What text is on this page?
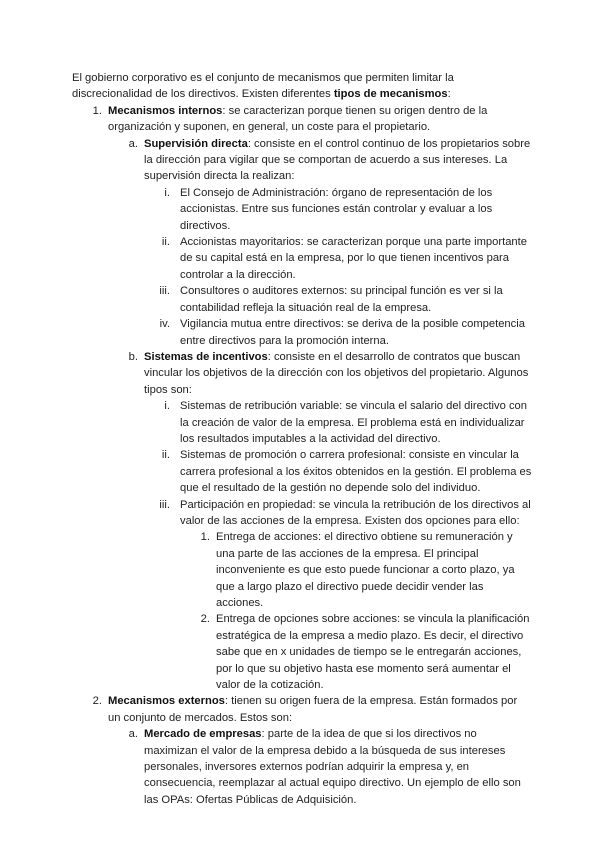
El gobierno corporativo es el conjunto de mecanismos que permiten limitar la discrecionalidad de los directivos. Existen diferentes tipos de mecanismos:
1. Mecanismos internos: se caracterizan porque tienen su origen dentro de la organización y suponen, en general, un coste para el propietario.
a. Supervisión directa: consiste en el control continuo de los propietarios sobre la dirección para vigilar que se comportan de acuerdo a sus intereses. La supervisión directa la realizan:
i. El Consejo de Administración: órgano de representación de los accionistas. Entre sus funciones están controlar y evaluar a los directivos.
ii. Accionistas mayoritarios: se caracterizan porque una parte importante de su capital está en la empresa, por lo que tienen incentivos para controlar a la dirección.
iii. Consultores o auditores externos: su principal función es ver si la contabilidad refleja la situación real de la empresa.
iv. Vigilancia mutua entre directivos: se deriva de la posible competencia entre directivos para la promoción interna.
b. Sistemas de incentivos: consiste en el desarrollo de contratos que buscan vincular los objetivos de la dirección con los objetivos del propietario. Algunos tipos son:
i. Sistemas de retribución variable: se vincula el salario del directivo con la creación de valor de la empresa. El problema está en individualizar los resultados imputables a la actividad del directivo.
ii. Sistemas de promoción o carrera profesional: consiste en vincular la carrera profesional a los éxitos obtenidos en la gestión. El problema es que el resultado de la gestión no depende solo del individuo.
iii. Participación en propiedad: se vincula la retribución de los directivos al valor de las acciones de la empresa. Existen dos opciones para ello:
1. Entrega de acciones: el directivo obtiene su remuneración y una parte de las acciones de la empresa. El principal inconveniente es que esto puede funcionar a corto plazo, ya que a largo plazo el directivo puede decidir vender las acciones.
2. Entrega de opciones sobre acciones: se vincula la planificación estratégica de la empresa a medio plazo. Es decir, el directivo sabe que en x unidades de tiempo se le entregarán acciones, por lo que su objetivo hasta ese momento será aumentar el valor de la cotización.
2. Mecanismos externos: tienen su origen fuera de la empresa. Están formados por un conjunto de mercados. Estos son:
a. Mercado de empresas: parte de la idea de que si los directivos no maximizan el valor de la empresa debido a la búsqueda de sus intereses personales, inversores externos podrían adquirir la empresa y, en consecuencia, reemplazar al actual equipo directivo. Un ejemplo de ello son las OPAs: Ofertas Públicas de Adquisición.
